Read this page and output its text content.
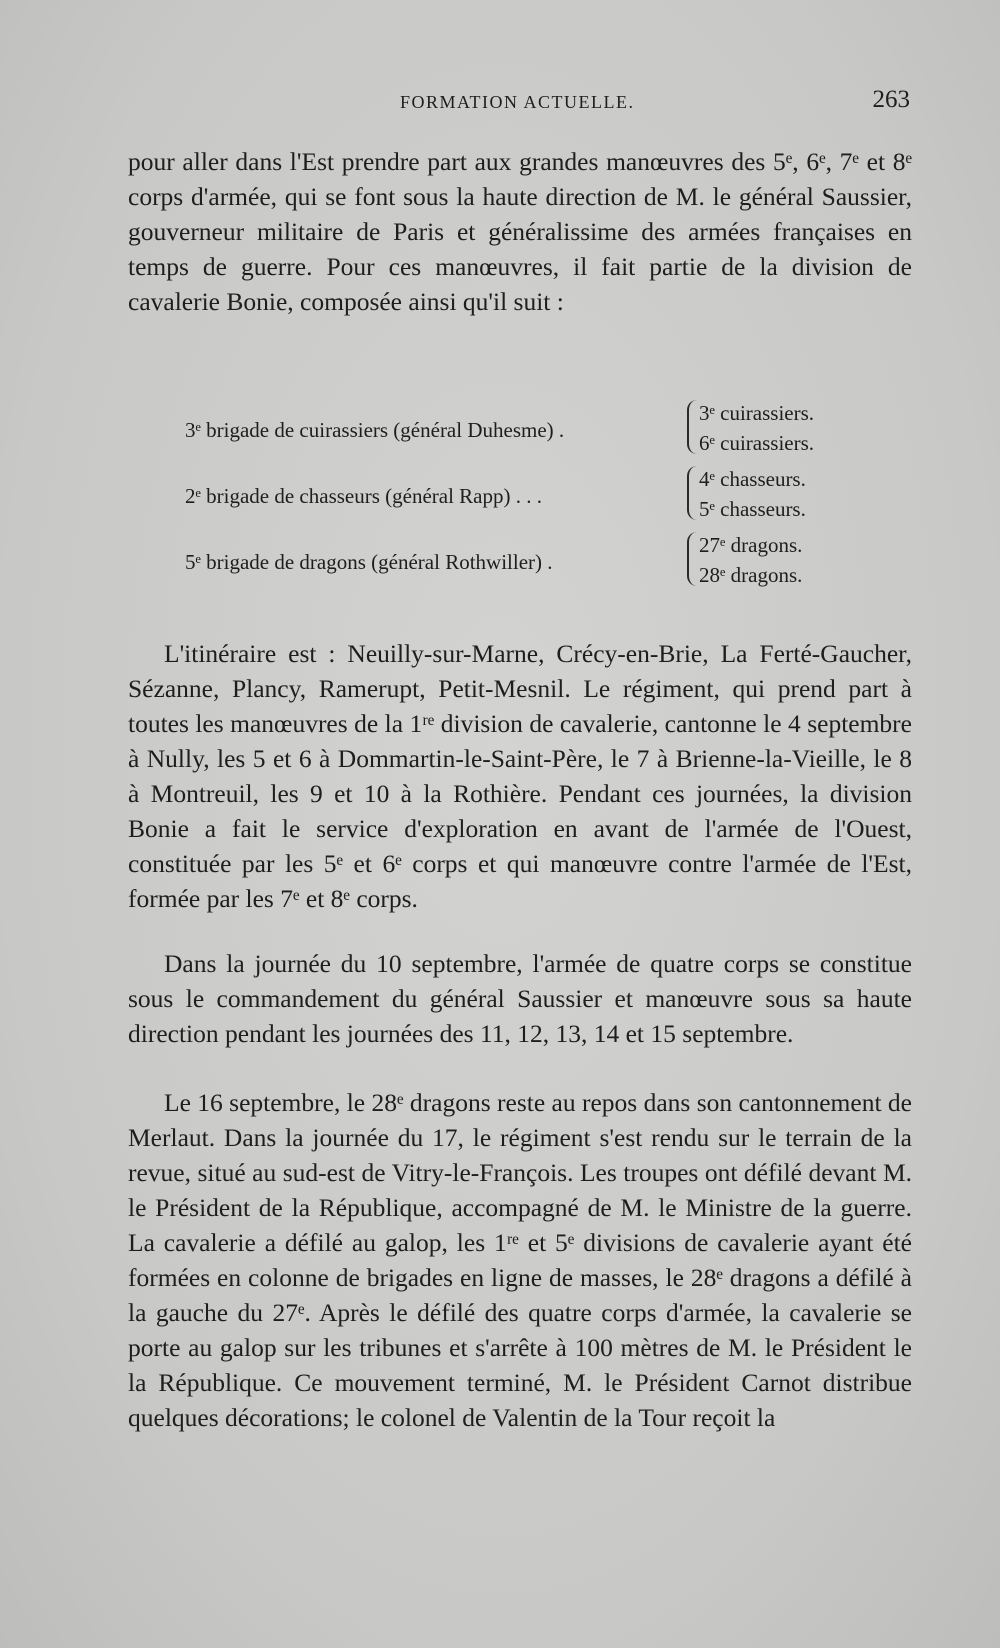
FORMATION ACTUELLE.	263

pour aller dans l'Est prendre part aux grandes manœuvres des 5ᵉ, 6ᵉ, 7ᵉ et 8ᵉ corps d'armée, qui se font sous la haute direction de M. le général Saussier, gouverneur militaire de Paris et généralissime des armées françaises en temps de guerre. Pour ces manœuvres, il fait partie de la division de cavalerie Bonie, composée ainsi qu'il suit :

3ᵉ brigade de cuirassiers (général Duhesme) .
3ᵉ cuirassiers.
6ᵉ cuirassiers.
2ᵉ brigade de chasseurs (général Rapp) . . .
4ᵉ chasseurs.
5ᵉ chasseurs.
5ᵉ brigade de dragons (général Rothwiller) .
27ᵉ dragons.
28ᵉ dragons.

L'itinéraire est : Neuilly-sur-Marne, Crécy-en-Brie, La Ferté-Gaucher, Sézanne, Plancy, Ramerupt, Petit-Mesnil. Le régiment, qui prend part à toutes les manœuvres de la 1ʳᵉ division de cavalerie, cantonne le 4 septembre à Nully, les 5 et 6 à Dommartin-le-Saint-Père, le 7 à Brienne-la-Vieille, le 8 à Montreuil, les 9 et 10 à la Rothière. Pendant ces journées, la division Bonie a fait le service d'exploration en avant de l'armée de l'Ouest, constituée par les 5ᵉ et 6ᵉ corps et qui manœuvre contre l'armée de l'Est, formée par les 7ᵉ et 8ᵉ corps.

Dans la journée du 10 septembre, l'armée de quatre corps se constitue sous le commandement du général Saussier et manœuvre sous sa haute direction pendant les journées des 11, 12, 13, 14 et 15 septembre.

Le 16 septembre, le 28ᵉ dragons reste au repos dans son cantonnement de Merlaut. Dans la journée du 17, le régiment s'est rendu sur le terrain de la revue, situé au sud-est de Vitry-le-François. Les troupes ont défilé devant M. le Président de la République, accompagné de M. le Ministre de la guerre. La cavalerie a défilé au galop, les 1ʳᵉ et 5ᵉ divisions de cavalerie ayant été formées en colonne de brigades en ligne de masses, le 28ᵉ dragons a défilé à la gauche du 27ᵉ. Après le défilé des quatre corps d'armée, la cavalerie se porte au galop sur les tribunes et s'arrête à 100 mètres de M. le Président le la République. Ce mouvement terminé, M. le Président Carnot distribue quelques décorations; le colonel de Valentin de la Tour reçoit la
